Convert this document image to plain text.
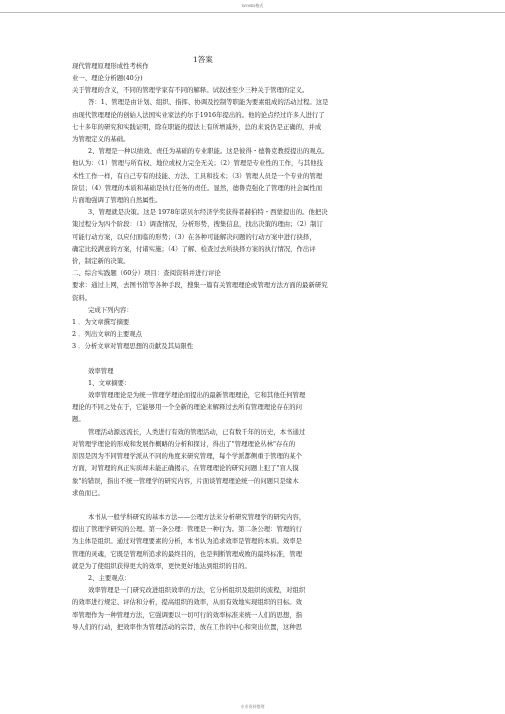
WORD格式
现代管理原理形成性考核作
1答案
业一、理论分析题(40分)
关于管理的含义，不同的管理学家有不同的解释。试叙述至少三种关于管理的定义。
答：1、管理是由计划、组织、指挥、协调及控制等职能为要素组成的活动过程。这是
由现代管理理论的创始人法国实业家法约尔于1916年提出的。他的论点经过许多人进行了
七十多年的研究和实践证明，除在职能的提法上有所增减外，总的来说仍是正确的，并成
为管理定义的基础。
2、管理是一种以绩效、责任为基础的专业职能。这是彼得・德鲁克教授提出的观点。
他认为：（1）管理与所有权、地位或权力完全无关；（2）管理是专业性的工作，与其他技
术性工作一样，有自己专有的技能、方法、工具和技术；（3）管理人员是一个专业的管理
阶层；（4）管理的本质和基础是执行任务的责任。显然，德鲁克强化了管理的社会属性而
片面地强调了管理的自然属性。
3、管理就是决策。这是 1978年诺贝尔经济学奖获得者赫伯特・西蒙提出的。他把决
策过程分为四个阶段：（1）调查情况，分析形势，搜集信息，找出决策的理由；（2）制订
可能行动方案，以应付面临的形势；（3）在各种可能解决问题的行动方案中进行抉择，
确定比较满意的方案，付诸实施；（4）了解、检查过去所抉择方案的执行情况，作出评
价，制定新的决策。
二、综合实践题（60分）项目：查阅资料并进行评论
要求：通过上网，去图书馆等各种手段，搜集一篇有关管理理论或管理方法方面的最新研究
资料。
完成下列内容：
1 ．为文章撰写摘要
2 ．列出文章的主要观点
3 ．分析文章对管理思想的贡献及其局限性
效率管理
1、文章摘要：
效率管理理论是为统一管理学理论而提出的最新管理理论，它和其他任何管理
理论的不同之处在于，它能够用一个全新的理论来解释过去所有管理理论存在的问
题。
管理活动源远流长，人类进行有效的管理活动，已有数千年的历史，本书通过
对管理学理论的形成和发展作概略的分析和探讨，得出了"管理理论丛林"存在的
原因是因为不同管理学派从不同的角度来研究管理，每个学派都侧重于管理的某个
方面，对管理的真正实质却未能正确揭示，在管理理论的研究问题上犯了"盲人摸
象"的错误，指出不统一管理学的研究内容，片面谈管理理论统一的问题只是缘木
求鱼而已。
本书从一般学科研究的基本方法——公理方法来分析研究管理学的研究内容，
提出了管理学研究的公理。第一条公理：管理是一种行为。第二条公理：管理的行
为主体是组织。通过对管理要素的分析，本书认为追求效率是管理的本质。效率是
管理的灵魂，它既是管理所追求的最终目的，也是判断管理成败的最终标准，管理
就是为了使组织获得更大的效率，更快更好地达到组织的目的。
2、主要观点：
效率管理是一门研究改进组织效率的方法，它分析组织及组织的流程，对组织
的效率进行规定、评估和分析，提高组织的效率，从而有效地实现组织的目标。效
率管理作为一种管理方法，它强调要以一切可行的效率标准来统一人们的思想，指
导人们的行动，把效率作为管理活动的宗旨，放在工作的中心和突出位置，这种思
专业资料整理
